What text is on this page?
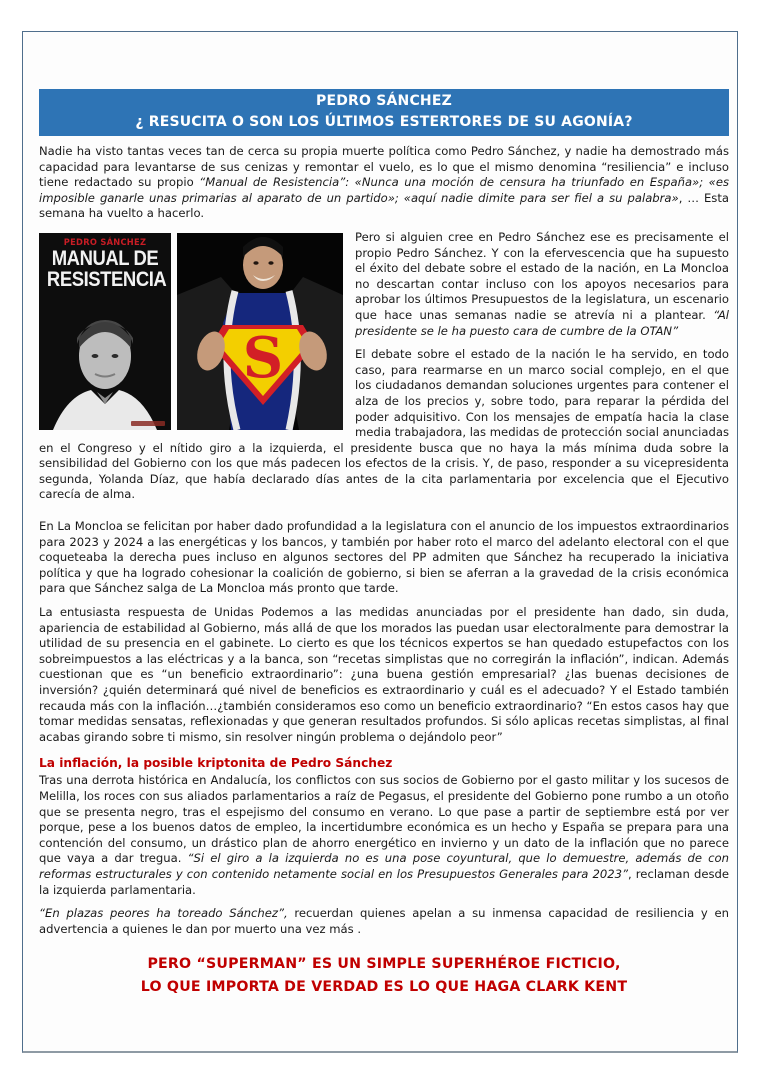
PEDRO SÁNCHEZ
¿ RESUCITA O SON LOS ÚLTIMOS ESTERTORES DE SU AGONÍA?

Nadie ha visto tantas veces tan de cerca su propia muerte política como Pedro Sánchez, y nadie ha demostrado más capacidad para levantarse de sus cenizas y remontar el vuelo, es lo que el mismo denomina “resiliencia” e incluso tiene redactado su propio “Manual de Resistencia”: «Nunca una moción de censura ha triunfado en España»; «es imposible ganarle unas primarias al aparato de un partido»; «aquí nadie dimite para ser fiel a su palabra», … Esta semana ha vuelto a hacerlo.

PEDRO SÁNCHEZ
MANUAL DE
RESISTENCIA
S

Pero si alguien cree en Pedro Sánchez ese es precisamente el propio Pedro Sánchez. Y con la efervescencia que ha supuesto el éxito del debate sobre el estado de la nación, en La Moncloa no descartan contar incluso con los apoyos necesarios para aprobar los últimos Presupuestos de la legislatura, un escenario que hace unas semanas nadie se atrevía ni a plantear. “Al presidente se le ha puesto cara de cumbre de la OTAN”

El debate sobre el estado de la nación le ha servido, en todo caso, para rearmarse en un marco social complejo, en el que los ciudadanos demandan soluciones urgentes para contener el alza de los precios y, sobre todo, para reparar la pérdida del poder adquisitivo. Con los mensajes de empatía hacia la clase media trabajadora, las medidas de protección social anunciadas en el Congreso y el nítido giro a la izquierda, el presidente busca que no haya la más mínima duda sobre la sensibilidad del Gobierno con los que más padecen los efectos de la crisis. Y, de paso, responder a su vicepresidenta segunda, Yolanda Díaz, que había declarado días antes de la cita parlamentaria por excelencia que el Ejecutivo carecía de alma.

En La Moncloa se felicitan por haber dado profundidad a la legislatura con el anuncio de los impuestos extraordinarios para 2023 y 2024 a las energéticas y los bancos, y también por haber roto el marco del adelanto electoral con el que coqueteaba la derecha pues incluso en algunos sectores del PP admiten que Sánchez ha recuperado la iniciativa política y que ha logrado cohesionar la coalición de gobierno, si bien se aferran a la gravedad de la crisis económica para que Sánchez salga de La Moncloa más pronto que tarde.

La entusiasta respuesta de Unidas Podemos a las medidas anunciadas por el presidente han dado, sin duda, apariencia de estabilidad al Gobierno, más allá de que los morados las puedan usar electoralmente para demostrar la utilidad de su presencia en el gabinete. Lo cierto es que los técnicos expertos se han quedado estupefactos con los sobreimpuestos a las eléctricas y a la banca, son “recetas simplistas que no corregirán la inflación”, indican. Además cuestionan que es “un beneficio extraordinario”: ¿una buena gestión empresarial? ¿las buenas decisiones de inversión? ¿quién determinará qué nivel de beneficios es extraordinario y cuál es el adecuado? Y el Estado también recauda más con la inflación…¿también consideramos eso como un beneficio extraordinario? “En estos casos hay que tomar medidas sensatas, reflexionadas y que generan resultados profundos. Si sólo aplicas recetas simplistas, al final acabas girando sobre ti mismo, sin resolver ningún problema o dejándolo peor”

La inflación, la posible kriptonita de Pedro Sánchez

Tras una derrota histórica en Andalucía, los conflictos con sus socios de Gobierno por el gasto militar y los sucesos de Melilla, los roces con sus aliados parlamentarios a raíz de Pegasus, el presidente del Gobierno pone rumbo a un otoño que se presenta negro, tras el espejismo del consumo en verano. Lo que pase a partir de septiembre está por ver porque, pese a los buenos datos de empleo, la incertidumbre económica es un hecho y España se prepara para una contención del consumo, un drástico plan de ahorro energético en invierno y un dato de la inflación que no parece que vaya a dar tregua. “Si el giro a la izquierda no es una pose coyuntural, que lo demuestre, además de con reformas estructurales y con contenido netamente social en los Presupuestos Generales para 2023”, reclaman desde la izquierda parlamentaria.

“En plazas peores ha toreado Sánchez”, recuerdan quienes apelan a su inmensa capacidad de resiliencia y en advertencia a quienes le dan por muerto una vez más .

PERO “SUPERMAN” ES UN SIMPLE SUPERHÉROE FICTICIO,
LO QUE IMPORTA DE VERDAD ES LO QUE HAGA CLARK KENT
